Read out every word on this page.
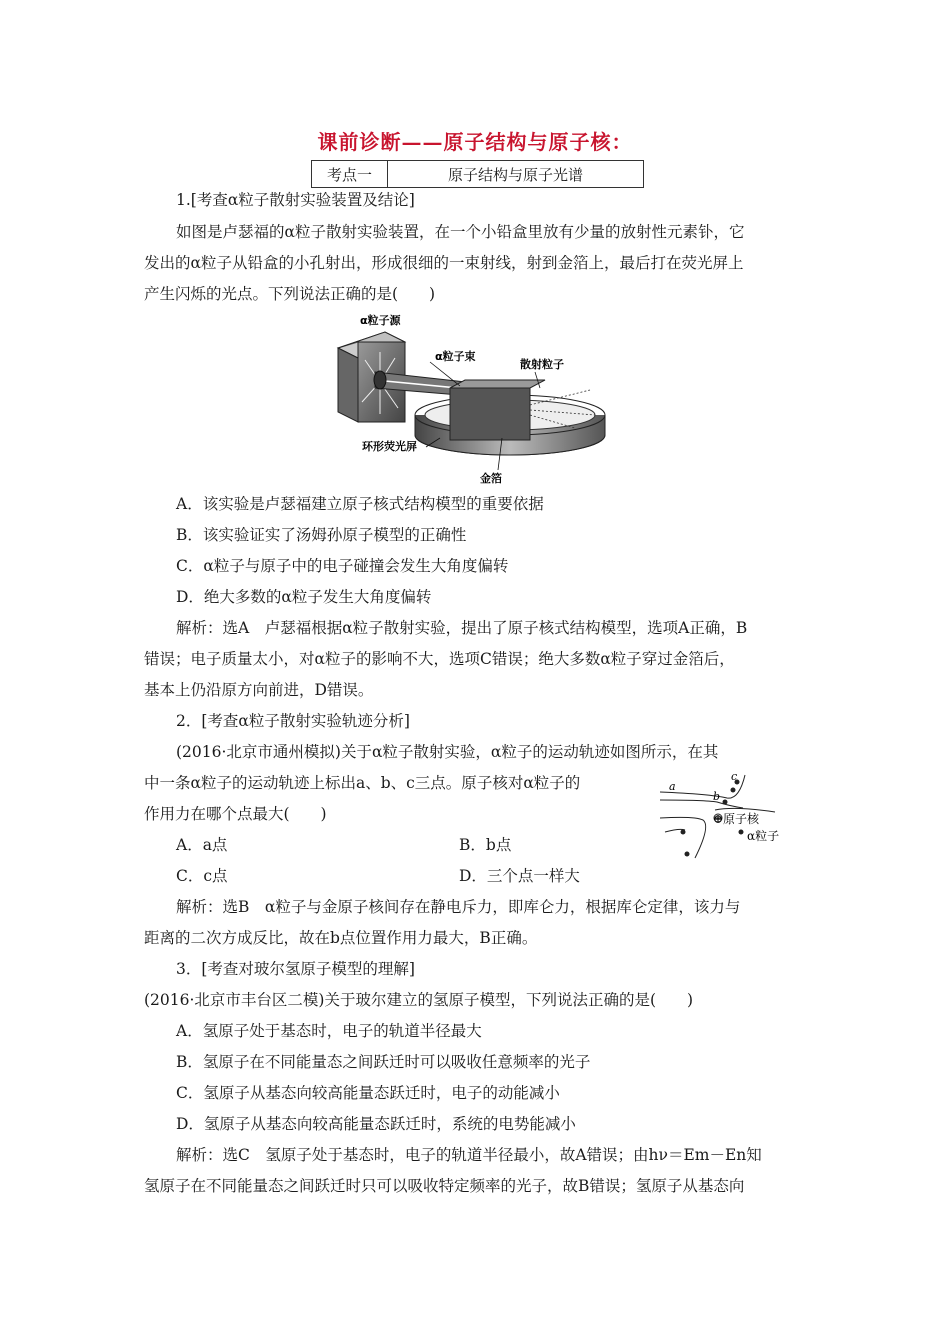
课前诊断——原子结构与原子核：
考点一	原子结构与原子光谱
1.[考查α粒子散射实验装置及结论]
如图是卢瑟福的α粒子散射实验装置，在一个小铅盒里放有少量的放射性元素钋，它
发出的α粒子从铅盒的小孔射出，形成很细的一束射线，射到金箔上，最后打在荧光屏上
产生闪烁的光点。下列说法正确的是(　　)
α粒子源
α粒子束
散射粒子
环形荧光屏
金箔
A．该实验是卢瑟福建立原子核式结构模型的重要依据
B．该实验证实了汤姆孙原子模型的正确性
C．α粒子与原子中的电子碰撞会发生大角度偏转
D．绝大多数的α粒子发生大角度偏转
解析：选A　卢瑟福根据α粒子散射实验，提出了原子核式结构模型，选项A正确，B
错误；电子质量太小，对α粒子的影响不大，选项C错误；绝大多数α粒子穿过金箔后，
基本上仍沿原方向前进，D错误。
2．[考查α粒子散射实验轨迹分析]
(2016·北京市通州模拟)关于α粒子散射实验，α粒子的运动轨迹如图所示，在其
中一条α粒子的运动轨迹上标出a、b、c三点。原子核对α粒子的
作用力在哪个点最大(　　)
a
b
c
⊕原子核
α粒子
A．a点	B．b点
C．c点	D．三个点一样大
解析：选B　α粒子与金原子核间存在静电斥力，即库仑力，根据库仑定律，该力与
距离的二次方成反比，故在b点位置作用力最大，B正确。
3．[考查对玻尔氢原子模型的理解]
(2016·北京市丰台区二模)关于玻尔建立的氢原子模型，下列说法正确的是(　　)
A．氢原子处于基态时，电子的轨道半径最大
B．氢原子在不同能量态之间跃迁时可以吸收任意频率的光子
C．氢原子从基态向较高能量态跃迁时，电子的动能减小
D．氢原子从基态向较高能量态跃迁时，系统的电势能减小
解析：选C　氢原子处于基态时，电子的轨道半径最小，故A错误；由hν＝Em－En知
氢原子在不同能量态之间跃迁时只可以吸收特定频率的光子，故B错误；氢原子从基态向
